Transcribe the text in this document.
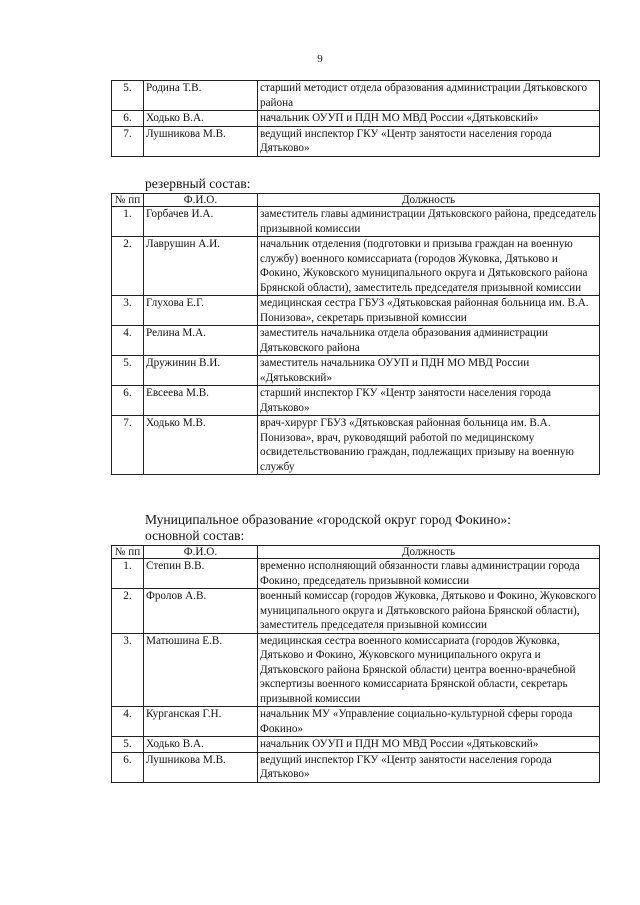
9
5.	Родина Т.В.	старший методист отдела образования администрации Дятьковского района
6.	Ходько В.А.	начальник ОУУП и ПДН МО МВД России «Дятьковский»
7.	Лушникова М.В.	ведущий инспектор ГКУ «Центр занятости населения города Дятьково»
резервный состав:
№ пп	Ф.И.О.	Должность
1.	Горбачев И.А.	заместитель главы администрации Дятьковского района, председатель призывной комиссии
2.	Лаврушин А.И.	начальник отделения (подготовки и призыва граждан на военную службу) военного комиссариата (городов Жуковка, Дятьково и Фокино, Жуковского муниципального округа и Дятьковского района Брянской области), заместитель председателя призывной комиссии
3.	Глухова Е.Г.	медицинская сестра ГБУЗ «Дятьковская районная больница им. В.А. Понизова», секретарь призывной комиссии
4.	Релина М.А.	заместитель начальника отдела образования администрации Дятьковского района
5.	Дружинин В.И.	заместитель начальника ОУУП и ПДН МО МВД России «Дятьковский»
6.	Евсеева М.В.	старший инспектор ГКУ «Центр занятости населения города Дятьково»
7.	Ходько М.В.	врач-хирург ГБУЗ «Дятьковская районная больница им. В.А. Понизова», врач, руководящий работой по медицинскому освидетельствованию граждан, подлежащих призыву на военную службу
Муниципальное образование «городской округ город Фокино»:
основной состав:
№ пп	Ф.И.О.	Должность
1.	Степин В.В.	временно исполняющий обязанности главы администрации города Фокино, председатель призывной комиссии
2.	Фролов А.В.	военный комиссар (городов Жуковка, Дятьково и Фокино, Жуковского муниципального округа и Дятьковского района Брянской области), заместитель председателя призывной комиссии
3.	Матюшина Е.В.	медицинская сестра военного комиссариата (городов Жуковка, Дятьково и Фокино, Жуковского муниципального округа и Дятьковского района Брянской области) центра военно-врачебной экспертизы военного комиссариата Брянской области, секретарь призывной комиссии
4.	Курганская Г.Н.	начальник МУ «Управление социально-культурной сферы города Фокино»
5.	Ходько В.А.	начальник ОУУП и ПДН МО МВД России «Дятьковский»
6.	Лушникова М.В.	ведущий инспектор ГКУ «Центр занятости населения города Дятьково»
